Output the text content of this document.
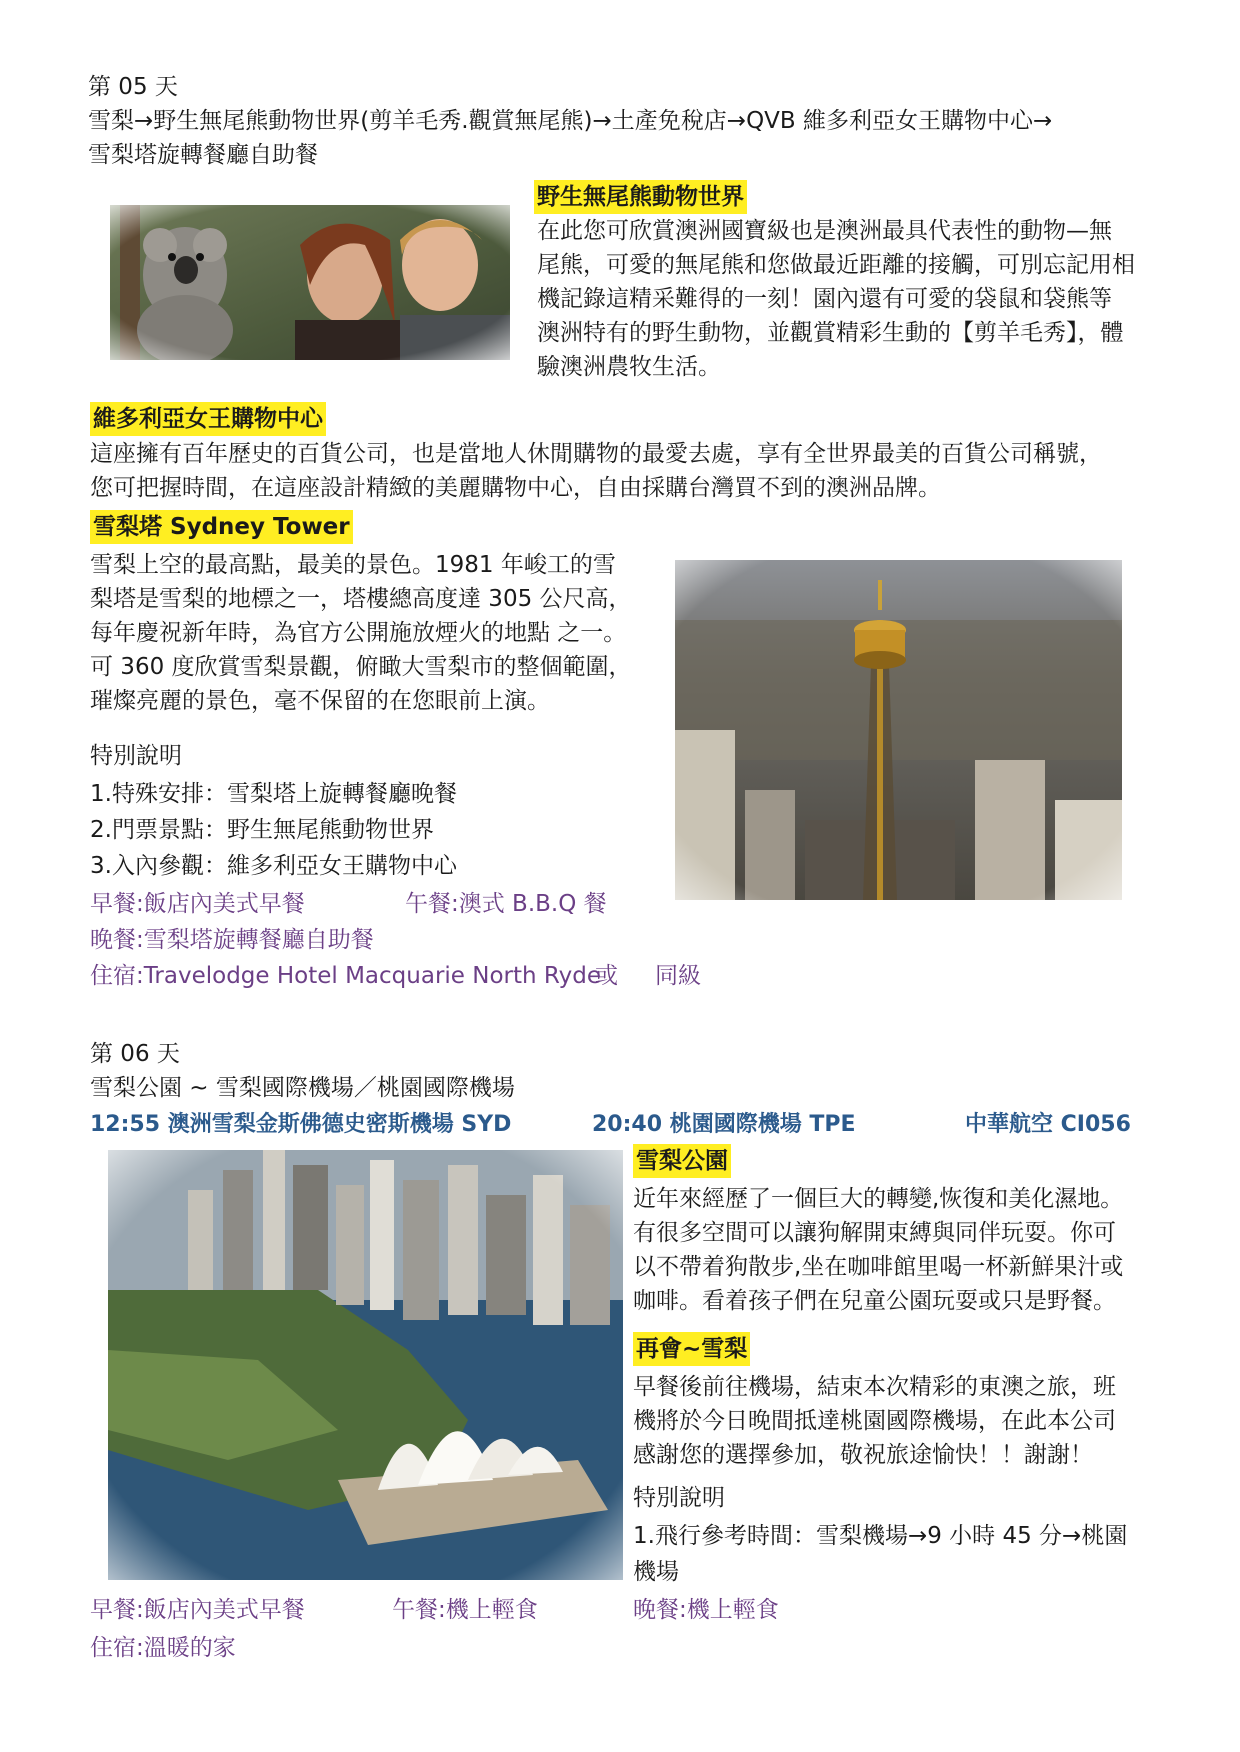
第 05 天
雪梨→野生無尾熊動物世界(剪羊毛秀.觀賞無尾熊)→土產免稅店→QVB 維多利亞女王購物中心→
雪梨塔旋轉餐廳自助餐
野生無尾熊動物世界
在此您可欣賞澳洲國寶級也是澳洲最具代表性的動物—無
尾熊，可愛的無尾熊和您做最近距離的接觸，可別忘記用相
機記錄這精采難得的一刻！園內還有可愛的袋鼠和袋熊等
澳洲特有的野生動物，並觀賞精彩生動的【剪羊毛秀】，體
驗澳洲農牧生活。
維多利亞女王購物中心
這座擁有百年歷史的百貨公司，也是當地人休閒購物的最愛去處，享有全世界最美的百貨公司稱號，
您可把握時間，在這座設計精緻的美麗購物中心，自由採購台灣買不到的澳洲品牌。
雪梨塔 Sydney Tower
雪梨上空的最高點，最美的景色。1981 年峻工的雪
梨塔是雪梨的地標之一，塔樓總高度達 305 公尺高，
每年慶祝新年時，為官方公開施放煙火的地點 之一。
可 360 度欣賞雪梨景觀，俯瞰大雪梨市的整個範圍，
璀燦亮麗的景色，毫不保留的在您眼前上演。
特別說明
1.特殊安排：雪梨塔上旋轉餐廳晚餐
2.門票景點：野生無尾熊動物世界
3.入內參觀：維多利亞女王購物中心
早餐:飯店內美式早餐	午餐:澳式 B.B.Q 餐
晚餐:雪梨塔旋轉餐廳自助餐
住宿:Travelodge Hotel Macquarie North Ryde
或 同級
第 06 天
雪梨公園 ~ 雪梨國際機場／桃園國際機場
12:55 澳洲雪梨金斯佛德史密斯機場 SYD	20:40 桃園國際機場 TPE	中華航空 CI056
雪梨公園
近年來經歷了一個巨大的轉變,恢復和美化濕地。
有很多空間可以讓狗解開束縛與同伴玩耍。你可
以不帶着狗散步,坐在咖啡館里喝一杯新鮮果汁或
咖啡。看着孩子們在兒童公園玩耍或只是野餐。
再會~雪梨
早餐後前往機場，結束本次精彩的東澳之旅，班
機將於今日晚間抵達桃園國際機場，在此本公司
感謝您的選擇參加，敬祝旅途愉快！！謝謝！
特別說明
1.飛行參考時間：雪梨機場→9 小時 45 分→桃園
機場
早餐:飯店內美式早餐	午餐:機上輕食	晚餐:機上輕食
住宿:溫暖的家
